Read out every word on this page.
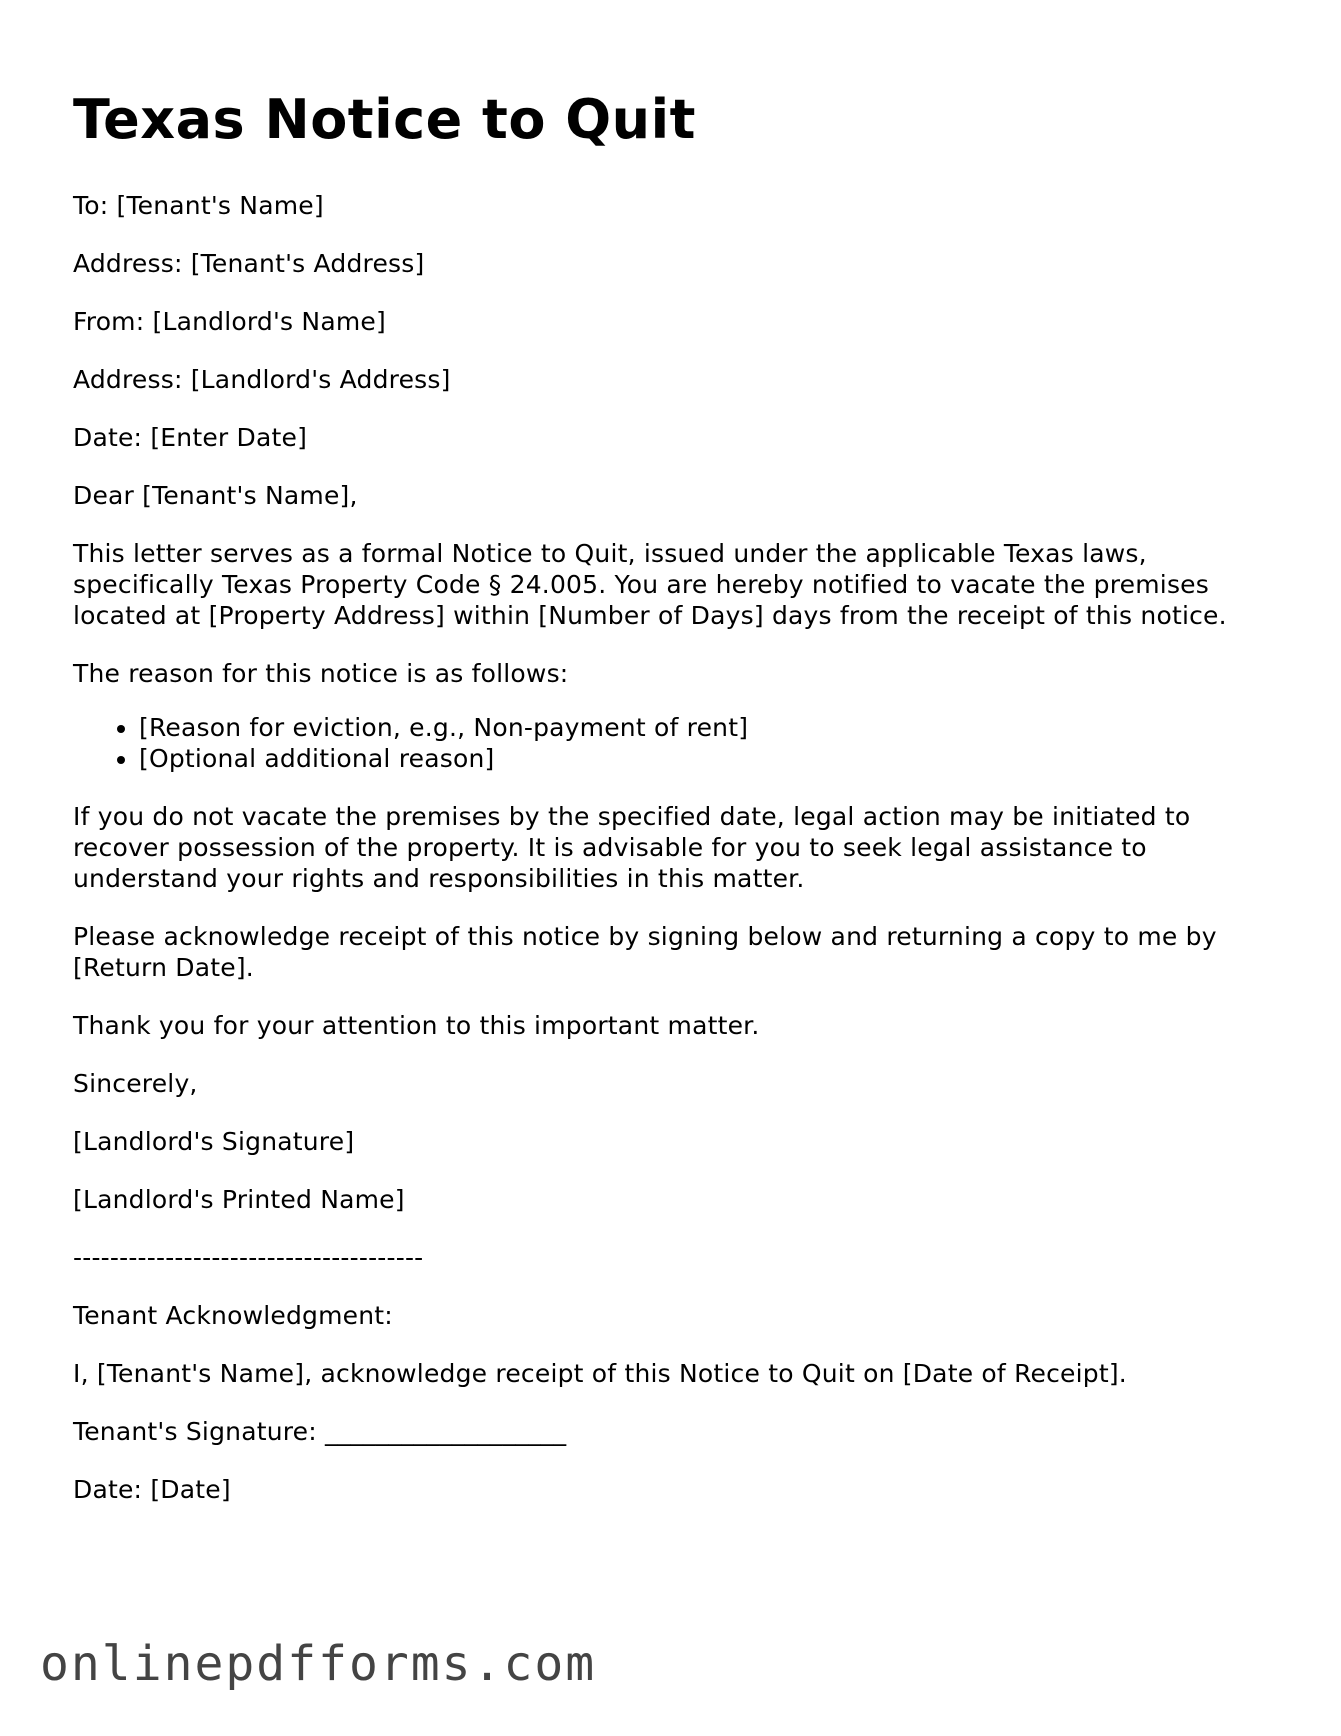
Texas Notice to Quit

To: [Tenant's Name]

Address: [Tenant's Address]

From: [Landlord's Name]

Address: [Landlord's Address]

Date: [Enter Date]

Dear [Tenant's Name],

This letter serves as a formal Notice to Quit, issued under the applicable Texas laws, specifically Texas Property Code § 24.005. You are hereby notified to vacate the premises located at [Property Address] within [Number of Days] days from the receipt of this notice.

The reason for this notice is as follows:

• [Reason for eviction, e.g., Non-payment of rent]
• [Optional additional reason]

If you do not vacate the premises by the specified date, legal action may be initiated to recover possession of the property. It is advisable for you to seek legal assistance to understand your rights and responsibilities in this matter.

Please acknowledge receipt of this notice by signing below and returning a copy to me by [Return Date].

Thank you for your attention to this important matter.

Sincerely,

[Landlord's Signature]

[Landlord's Printed Name]

--------------------------------------

Tenant Acknowledgment:

I, [Tenant's Name], acknowledge receipt of this Notice to Quit on [Date of Receipt].

Tenant's Signature: ___________________

Date: [Date]

onlinepdfforms.com
